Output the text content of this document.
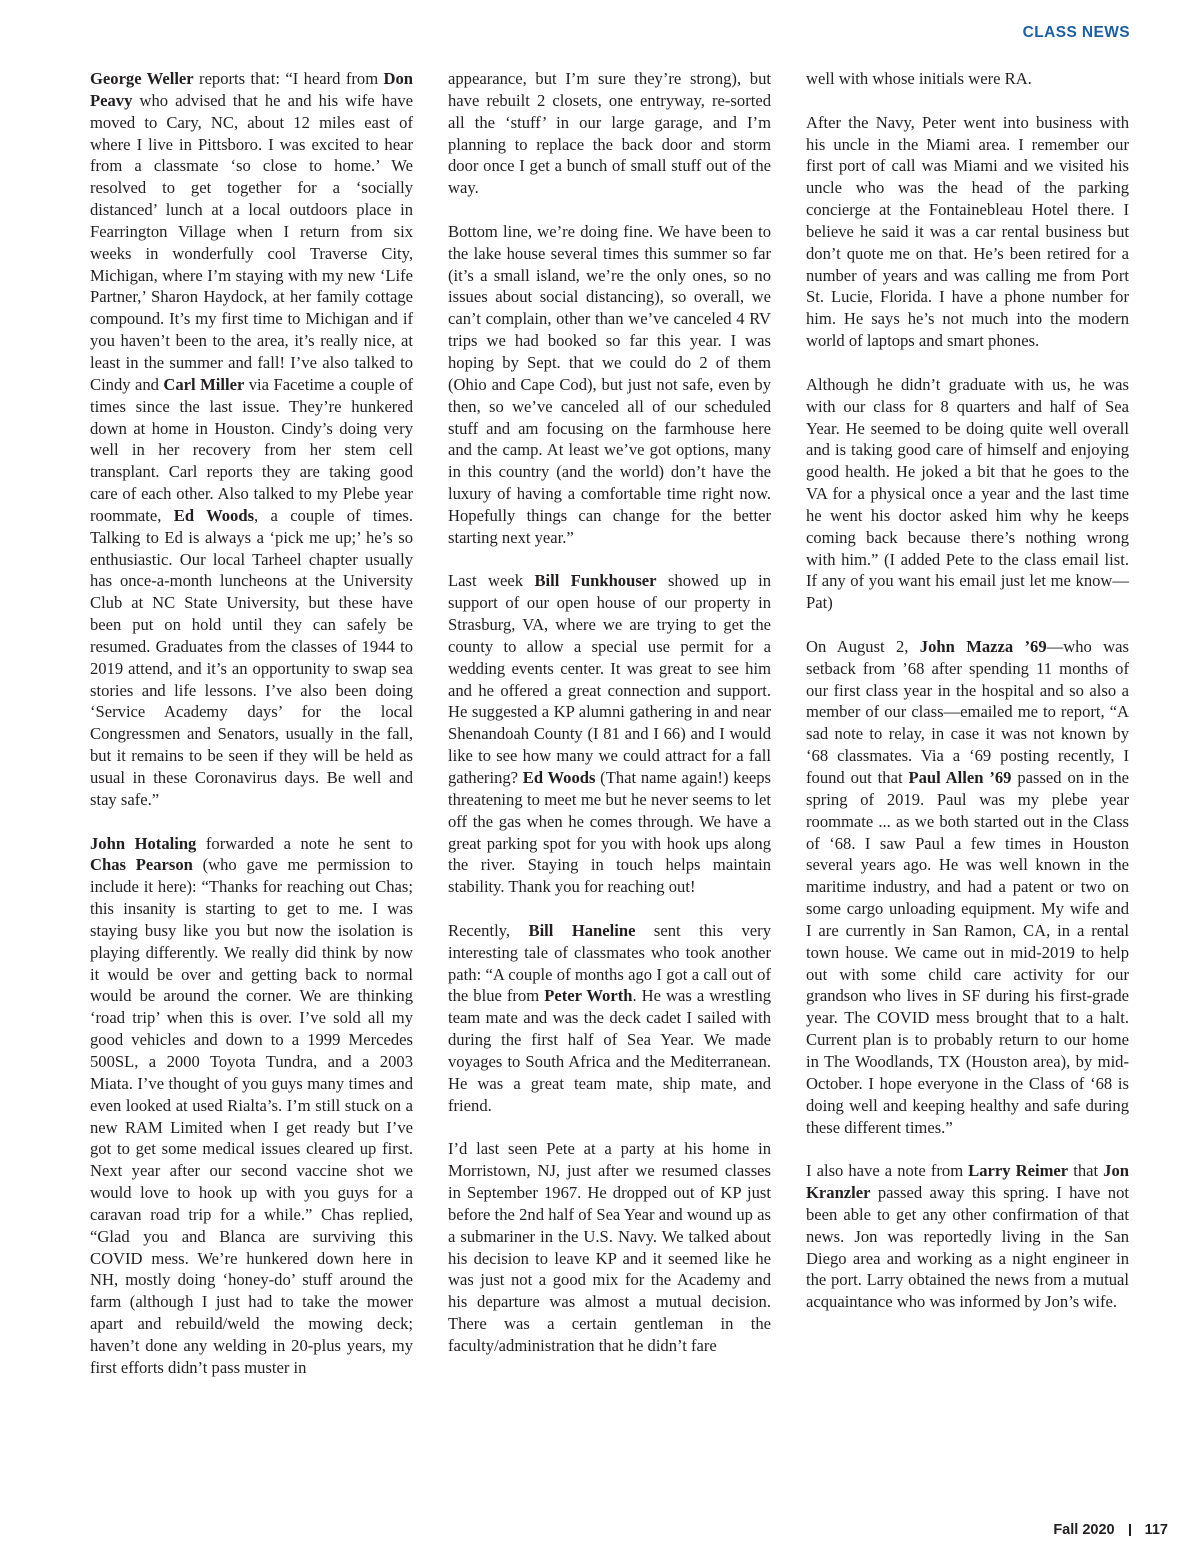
CLASS NEWS

George Weller reports that: “I heard from Don Peavy who advised that he and his wife have moved to Cary, NC, about 12 miles east of where I live in Pittsboro. I was excited to hear from a classmate ‘so close to home.’ We resolved to get together for a ‘socially distanced’ lunch at a local outdoors place in Fearrington Village when I return from six weeks in wonderfully cool Traverse City, Michigan, where I’m staying with my new ‘Life Partner,’ Sharon Haydock, at her family cottage compound. It’s my first time to Michigan and if you haven’t been to the area, it’s really nice, at least in the summer and fall! I’ve also talked to Cindy and Carl Miller via Facetime a couple of times since the last issue. They’re hunkered down at home in Houston. Cindy’s doing very well in her recovery from her stem cell transplant. Carl reports they are taking good care of each other. Also talked to my Plebe year roommate, Ed Woods, a couple of times. Talking to Ed is always a ‘pick me up;’ he’s so enthusiastic. Our local Tarheel chapter usually has once-a-month luncheons at the University Club at NC State University, but these have been put on hold until they can safely be resumed. Graduates from the classes of 1944 to 2019 attend, and it’s an opportunity to swap sea stories and life lessons. I’ve also been doing ‘Service Academy days’ for the local Congressmen and Senators, usually in the fall, but it remains to be seen if they will be held as usual in these Coronavirus days. Be well and stay safe.”

John Hotaling forwarded a note he sent to Chas Pearson (who gave me permission to include it here): “Thanks for reaching out Chas; this insanity is starting to get to me. I was staying busy like you but now the isolation is playing differently. We really did think by now it would be over and getting back to normal would be around the corner. We are thinking ‘road trip’ when this is over. I’ve sold all my good vehicles and down to a 1999 Mercedes 500SL, a 2000 Toyota Tundra, and a 2003 Miata. I’ve thought of you guys many times and even looked at used Rialta’s. I’m still stuck on a new RAM Limited when I get ready but I’ve got to get some medical issues cleared up first. Next year after our second vaccine shot we would love to hook up with you guys for a caravan road trip for a while.” Chas replied, “Glad you and Blanca are surviving this COVID mess. We’re hunkered down here in NH, mostly doing ‘honey-do’ stuff around the farm (although I just had to take the mower apart and rebuild/weld the mowing deck; haven’t done any welding in 20-plus years, my first efforts didn’t pass muster in

appearance, but I’m sure they’re strong), but have rebuilt 2 closets, one entryway, re-sorted all the ‘stuff’ in our large garage, and I’m planning to replace the back door and storm door once I get a bunch of small stuff out of the way.

Bottom line, we’re doing fine. We have been to the lake house several times this summer so far (it’s a small island, we’re the only ones, so no issues about social distancing), so overall, we can’t complain, other than we’ve canceled 4 RV trips we had booked so far this year. I was hoping by Sept. that we could do 2 of them (Ohio and Cape Cod), but just not safe, even by then, so we’ve canceled all of our scheduled stuff and am focusing on the farmhouse here and the camp. At least we’ve got options, many in this country (and the world) don’t have the luxury of having a comfortable time right now. Hopefully things can change for the better starting next year.”

Last week Bill Funkhouser showed up in support of our open house of our property in Strasburg, VA, where we are trying to get the county to allow a special use permit for a wedding events center. It was great to see him and he offered a great connection and support. He suggested a KP alumni gathering in and near Shenandoah County (I 81 and I 66) and I would like to see how many we could attract for a fall gathering? Ed Woods (That name again!) keeps threatening to meet me but he never seems to let off the gas when he comes through. We have a great parking spot for you with hook ups along the river. Staying in touch helps maintain stability. Thank you for reaching out!

Recently, Bill Haneline sent this very interesting tale of classmates who took another path: “A couple of months ago I got a call out of the blue from Peter Worth. He was a wrestling team mate and was the deck cadet I sailed with during the first half of Sea Year. We made voyages to South Africa and the Mediterranean. He was a great team mate, ship mate, and friend.

I’d last seen Pete at a party at his home in Morristown, NJ, just after we resumed classes in September 1967. He dropped out of KP just before the 2nd half of Sea Year and wound up as a submariner in the U.S. Navy. We talked about his decision to leave KP and it seemed like he was just not a good mix for the Academy and his departure was almost a mutual decision. There was a certain gentleman in the faculty/administration that he didn’t fare

well with whose initials were RA.

After the Navy, Peter went into business with his uncle in the Miami area. I remember our first port of call was Miami and we visited his uncle who was the head of the parking concierge at the Fontainebleau Hotel there. I believe he said it was a car rental business but don’t quote me on that. He’s been retired for a number of years and was calling me from Port St. Lucie, Florida. I have a phone number for him. He says he’s not much into the modern world of laptops and smart phones.

Although he didn’t graduate with us, he was with our class for 8 quarters and half of Sea Year. He seemed to be doing quite well overall and is taking good care of himself and enjoying good health. He joked a bit that he goes to the VA for a physical once a year and the last time he went his doctor asked him why he keeps coming back because there’s nothing wrong with him.” (I added Pete to the class email list. If any of you want his email just let me know—Pat)

On August 2, John Mazza ’69—who was setback from ’68 after spending 11 months of our first class year in the hospital and so also a member of our class—emailed me to report, “A sad note to relay, in case it was not known by ‘68 classmates. Via a ‘69 posting recently, I found out that Paul Allen ’69 passed on in the spring of 2019. Paul was my plebe year roommate ... as we both started out in the Class of ‘68. I saw Paul a few times in Houston several years ago. He was well known in the maritime industry, and had a patent or two on some cargo unloading equipment. My wife and I are currently in San Ramon, CA, in a rental town house. We came out in mid-2019 to help out with some child care activity for our grandson who lives in SF during his first-grade year. The COVID mess brought that to a halt. Current plan is to probably return to our home in The Woodlands, TX (Houston area), by mid-October. I hope everyone in the Class of ‘68 is doing well and keeping healthy and safe during these different times.”

I also have a note from Larry Reimer that Jon Kranzler passed away this spring. I have not been able to get any other confirmation of that news. Jon was reportedly living in the San Diego area and working as a night engineer in the port. Larry obtained the news from a mutual acquaintance who was informed by Jon’s wife.

Fall 2020 117
